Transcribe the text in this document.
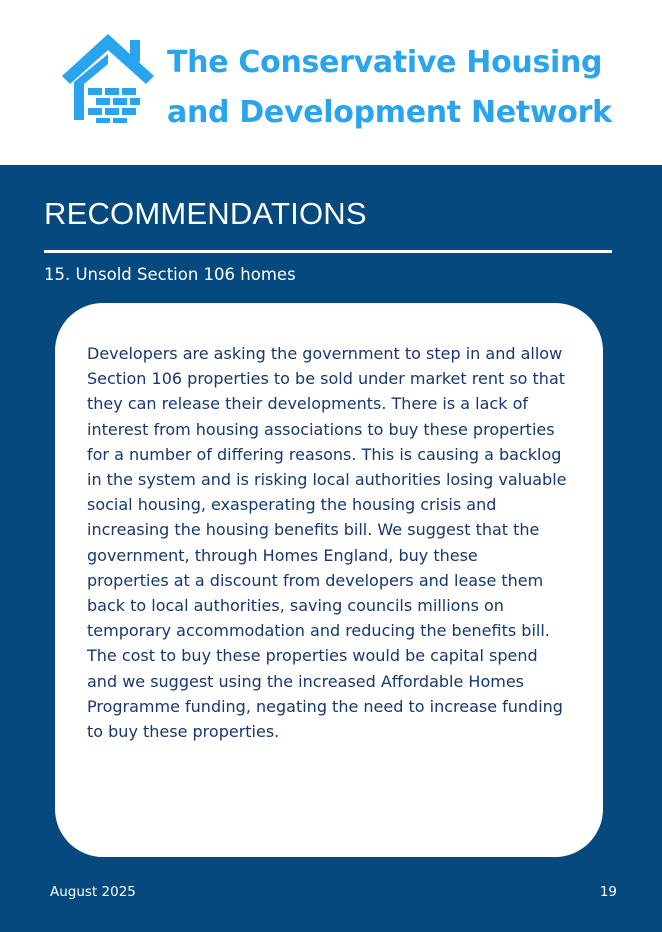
The Conservative Housing
and Development Network
RECOMMENDATIONS
15. Unsold Section 106 homes

Developers are asking the government to step in and allow
Section 106 properties to be sold under market rent so that
they can release their developments. There is a lack of
interest from housing associations to buy these properties
for a number of differing reasons. This is causing a backlog
in the system and is risking local authorities losing valuable
social housing, exasperating the housing crisis and
increasing the housing benefits bill. We suggest that the
government, through Homes England, buy these
properties at a discount from developers and lease them
back to local authorities, saving councils millions on
temporary accommodation and reducing the benefits bill.
The cost to buy these properties would be capital spend
and we suggest using the increased Affordable Homes
Programme funding, negating the need to increase funding
to buy these properties.

August 2025	19
